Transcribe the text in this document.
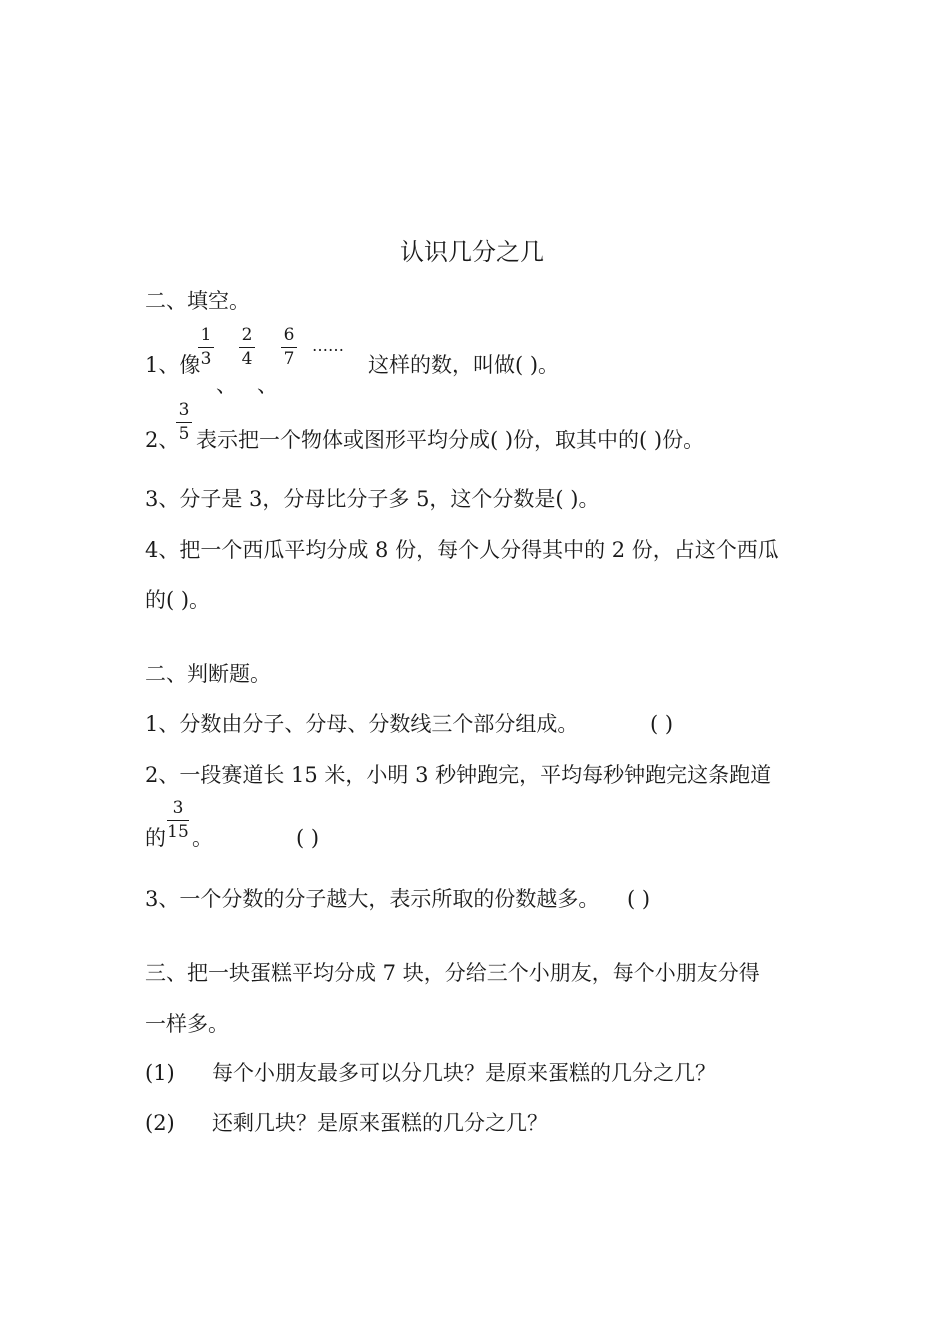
认识几分之几
二、填空。
1、像
1
3
2
4
6
7
、 、
……
这样的数，叫做( )。
2、
3
5 表示把一个物体或图形平均分成( )份，取其中的( )份。
3、分子是 3，分母比分子多 5，这个分数是( )。
4、把一个西瓜平均分成 8 份，每个人分得其中的 2 份，占这个西瓜
的( )。
二、判断题。
1、分数由分子、分母、分数线三个部分组成。	( )
2、一段赛道长 15 米，小明 3 秒钟跑完，平均每秒钟跑完这条跑道
的
3
15 。	( )
3、一个分数的分子越大，表示所取的份数越多。 ( )
三、把一块蛋糕平均分成 7 块，分给三个小朋友，每个小朋友分得
一样多。
(1) 每个小朋友最多可以分几块？是原来蛋糕的几分之几？
(2) 还剩几块？是原来蛋糕的几分之几？
